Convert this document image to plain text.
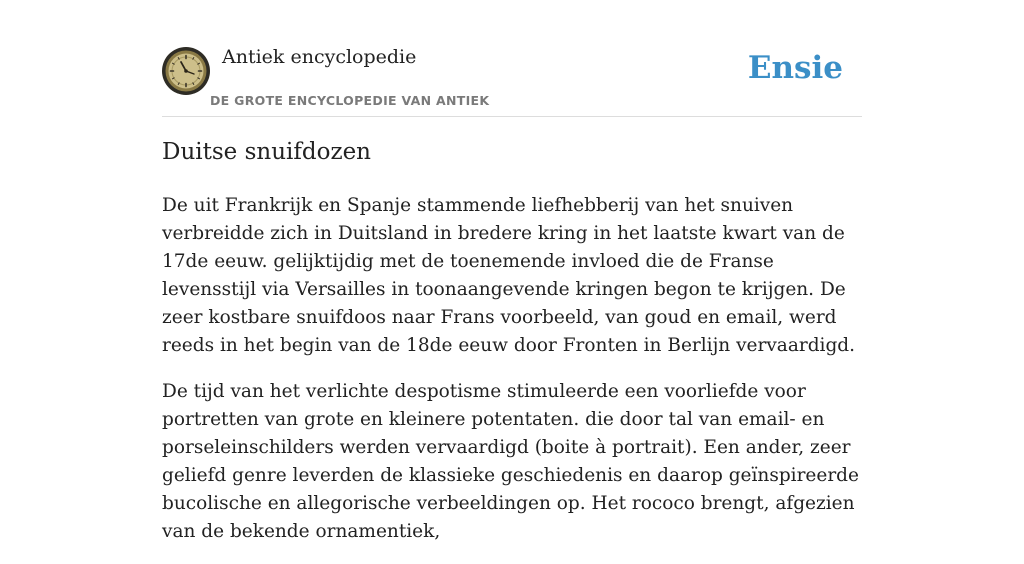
Antiek encyclopedie
DE GROTE ENCYCLOPEDIE VAN ANTIEK
Ensie
Duitse snuifdozen

De uit Frankrijk en Spanje stammende liefhebberij van het snuiven verbreidde zich in Duitsland in bredere kring in het laatste kwart van de 17de eeuw. gelijktijdig met de toenemende invloed die de Franse levensstijl via Versailles in toonaangevende kringen begon te krijgen. De zeer kostbare snuifdoos naar Frans voorbeeld, van goud en email, werd reeds in het begin van de 18de eeuw door Fronten in Berlijn vervaardigd.

De tijd van het verlichte despotisme stimuleerde een voorliefde voor portretten van grote en kleinere potentaten. die door tal van email- en porseleinschilders werden vervaardigd (boite à portrait). Een ander, zeer geliefd genre leverden de klassieke geschiedenis en daarop geïnspireerde bucolische en allegorische verbeeldingen op. Het rococo brengt, afgezien van de bekende ornamentiek,
